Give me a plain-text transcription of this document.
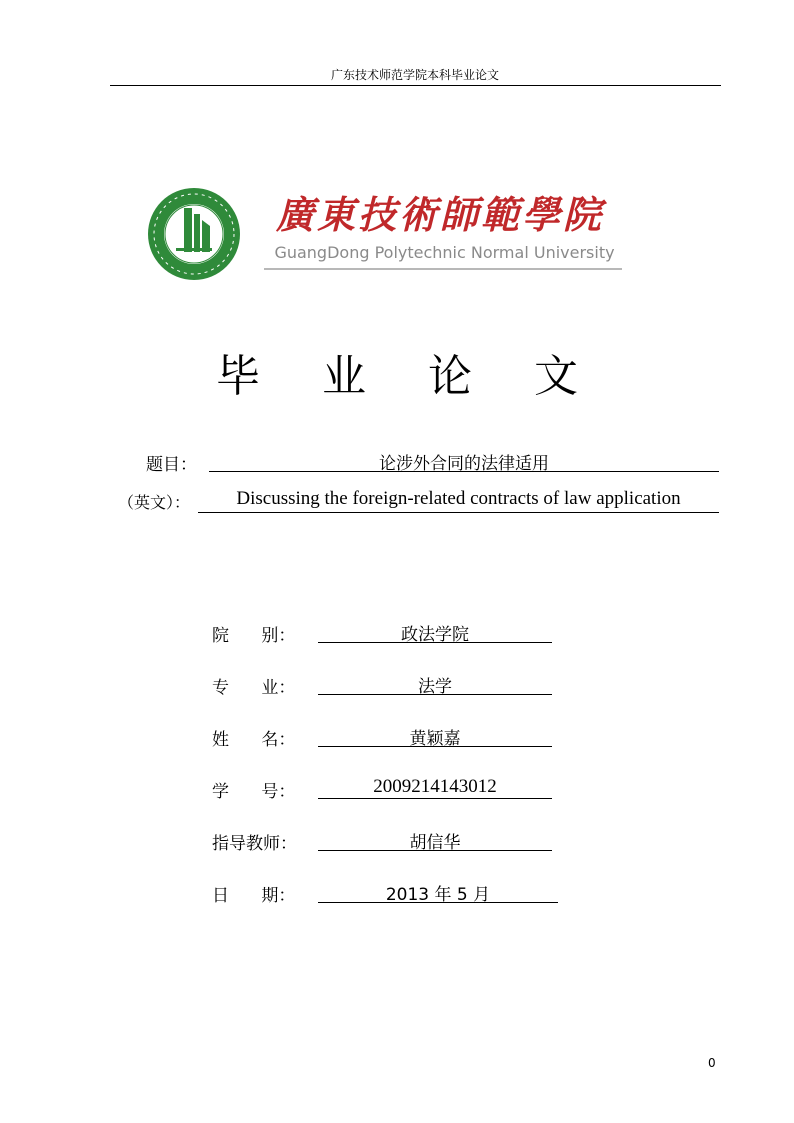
广东技术师范学院本科毕业论文
廣東技術師範學院
GuangDong Polytechnic Normal University
毕 业 论 文
题目：	论涉外合同的法律适用
（英文）：	Discussing the foreign-related contracts of law application
院      别：	政法学院
专      业：	法学
姓      名：	黄颖嘉
学      号：	2009214143012
指导教师：	胡信华
日      期：	2013 年 5 月
0
